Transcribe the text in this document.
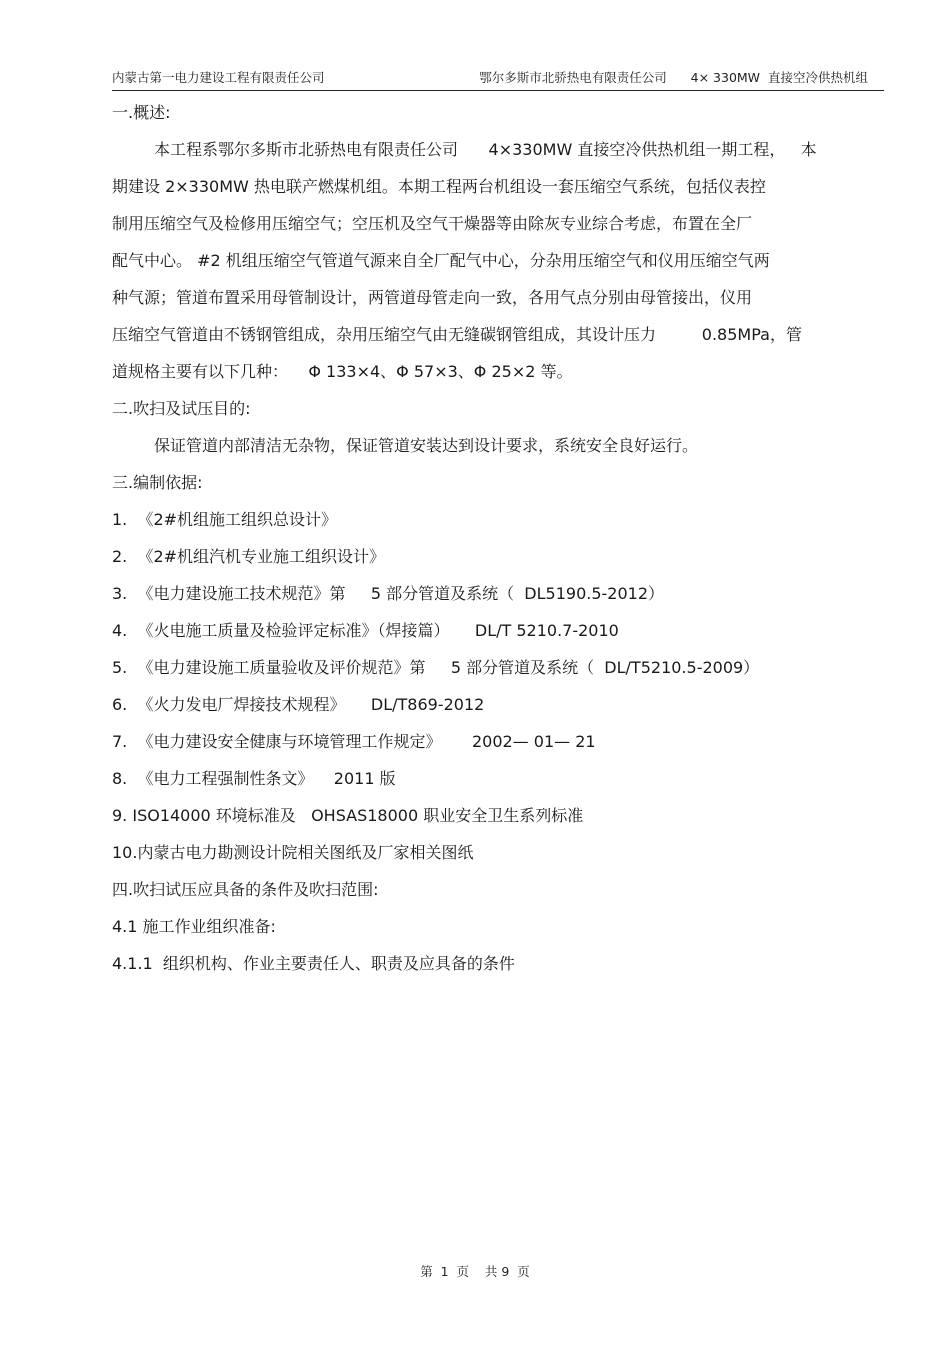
内蒙古第一电力建设工程有限责任公司	鄂尔多斯市北骄热电有限责任公司      4× 330MW  直接空冷供热机组
一.概述:
本工程系鄂尔多斯市北骄热电有限责任公司      4×330MW 直接空冷供热机组一期工程，   本
期建设 2×330MW 热电联产燃煤机组。本期工程两台机组设一套压缩空气系统，包括仪表控
制用压缩空气及检修用压缩空气；空压机及空气干燥器等由除灰专业综合考虑，布置在全厂
配气中心。 #2 机组压缩空气管道气源来自全厂配气中心，分杂用压缩空气和仪用压缩空气两
种气源；管道布置采用母管制设计，两管道母管走向一致，各用气点分别由母管接出，仪用
压缩空气管道由不锈钢管组成，杂用压缩空气由无缝碳钢管组成，其设计压力         0.85MPa，管
道规格主要有以下几种：    Φ 133×4、Φ 57×3、Φ 25×2 等。
二.吹扫及试压目的:
保证管道内部清洁无杂物，保证管道安装达到设计要求，系统安全良好运行。
三.编制依据:
1.  《2#机组施工组织总设计》
2.  《2#机组汽机专业施工组织设计》
3.  《电力建设施工技术规范》第     5 部分管道及系统（  DL5190.5-2012）
4.  《火电施工质量及检验评定标准》（焊接篇）     DL/T 5210.7-2010
5.  《电力建设施工质量验收及评价规范》第     5 部分管道及系统（  DL/T5210.5-2009）
6.  《火力发电厂焊接技术规程》     DL/T869-2012
7.  《电力建设安全健康与环境管理工作规定》      2002— 01— 21
8.  《电力工程强制性条文》    2011 版
9. ISO14000 环境标准及   OHSAS18000 职业安全卫生系列标准
10.内蒙古电力勘测设计院相关图纸及厂家相关图纸
四.吹扫试压应具备的条件及吹扫范围:
4.1 施工作业组织准备:
4.1.1  组织机构、作业主要责任人、职责及应具备的条件
第  1  页    共 9  页
